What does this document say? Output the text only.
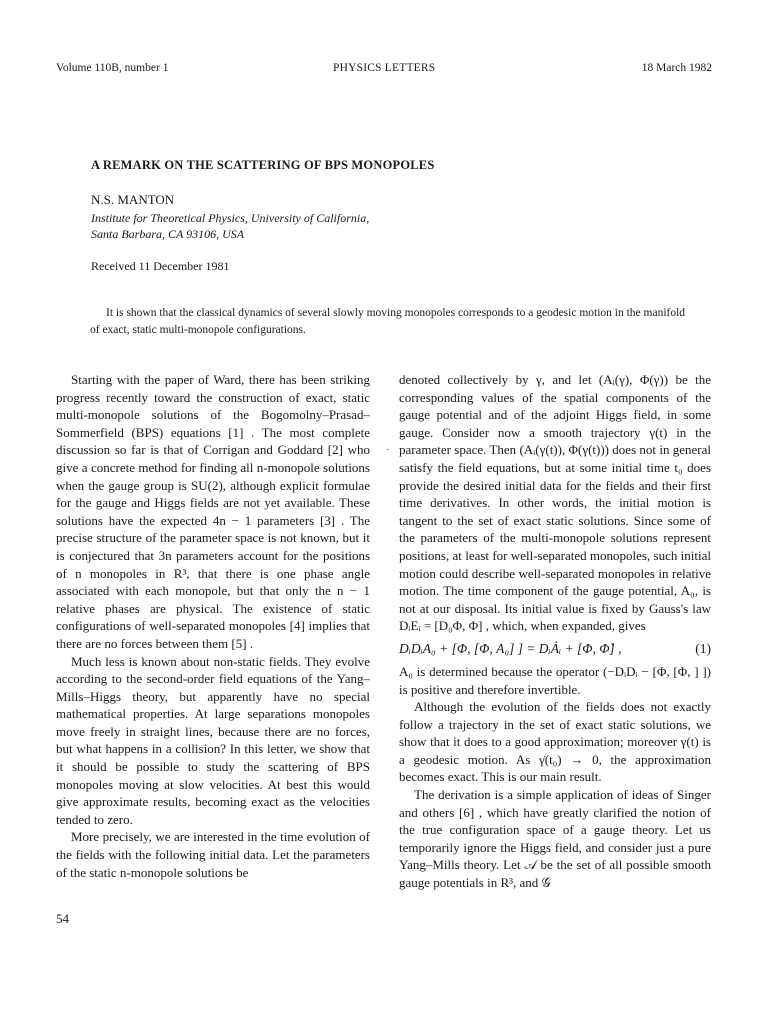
Volume 110B, number 1	PHYSICS LETTERS	18 March 1982
A REMARK ON THE SCATTERING OF BPS MONOPOLES
N.S. MANTON
Institute for Theoretical Physics, University of California,
Santa Barbara, CA 93106, USA
Received 11 December 1981
It is shown that the classical dynamics of several slowly moving monopoles corresponds to a geodesic motion in the manifold of exact, static multi-monopole configurations.

Starting with the paper of Ward, there has been striking progress recently toward the construction of exact, static multi-monopole solutions of the Bogomolny–Prasad–Sommerfield (BPS) equations [1] . The most complete discussion so far is that of Corrigan and Goddard [2] who give a concrete method for finding all n-monopole solutions when the gauge group is SU(2), although explicit formulae for the gauge and Higgs fields are not yet available. These solutions have the expected 4n − 1 parameters [3] . The precise structure of the parameter space is not known, but it is conjectured that 3n parameters account for the positions of n monopoles in R³, that there is one phase angle associated with each monopole, but that only the n − 1 relative phases are physical. The existence of static configurations of well-separated monopoles [4] implies that there are no forces between them [5] .

Much less is known about non-static fields. They evolve according to the second-order field equations of the Yang–Mills–Higgs theory, but apparently have no special mathematical properties. At large separations monopoles move freely in straight lines, because there are no forces, but what happens in a collision? In this letter, we show that it should be possible to study the scattering of BPS monopoles moving at slow velocities. At best this would give approximate results, becoming exact as the velocities tended to zero.

More precisely, we are interested in the time evolution of the fields with the following initial data. Let the parameters of the static n-monopole solutions be

·

denoted collectively by γ, and let (Aᵢ(γ), Φ(γ)) be the corresponding values of the spatial components of the gauge potential and of the adjoint Higgs field, in some gauge. Consider now a smooth trajectory γ(t) in the parameter space. Then (Aᵢ(γ(t)), Φ(γ(t))) does not in general satisfy the field equations, but at some initial time t₀ does provide the desired initial data for the fields and their first time derivatives. In other words, the initial motion is tangent to the set of exact static solutions. Since some of the parameters of the multi-monopole solutions represent positions, at least for well-separated monopoles, such initial motion could describe well-separated monopoles in relative motion. The time component of the gauge potential, A₀, is not at our disposal. Its initial value is fixed by Gauss's law DᵢEᵢ = [D₀Φ, Φ] , which, when expanded, gives

DᵢDᵢA₀ + [Φ, [Φ, A₀] ] = DᵢȦᵢ + [Φ, Φ̇] ,	(1)

A₀ is determined because the operator (−DᵢDᵢ − [Φ, [Φ, ] ]) is positive and therefore invertible.

Although the evolution of the fields does not exactly follow a trajectory in the set of exact static solutions, we show that it does to a good approximation; moreover γ(t) is a geodesic motion. As γ̇(t₀) → 0, the approximation becomes exact. This is our main result.

The derivation is a simple application of ideas of Singer and others [6] , which have greatly clarified the notion of the true configuration space of a gauge theory. Let us temporarily ignore the Higgs field, and consider just a pure Yang–Mills theory. Let 𝒜 be the set of all possible smooth gauge potentials in R³, and 𝒢

54
